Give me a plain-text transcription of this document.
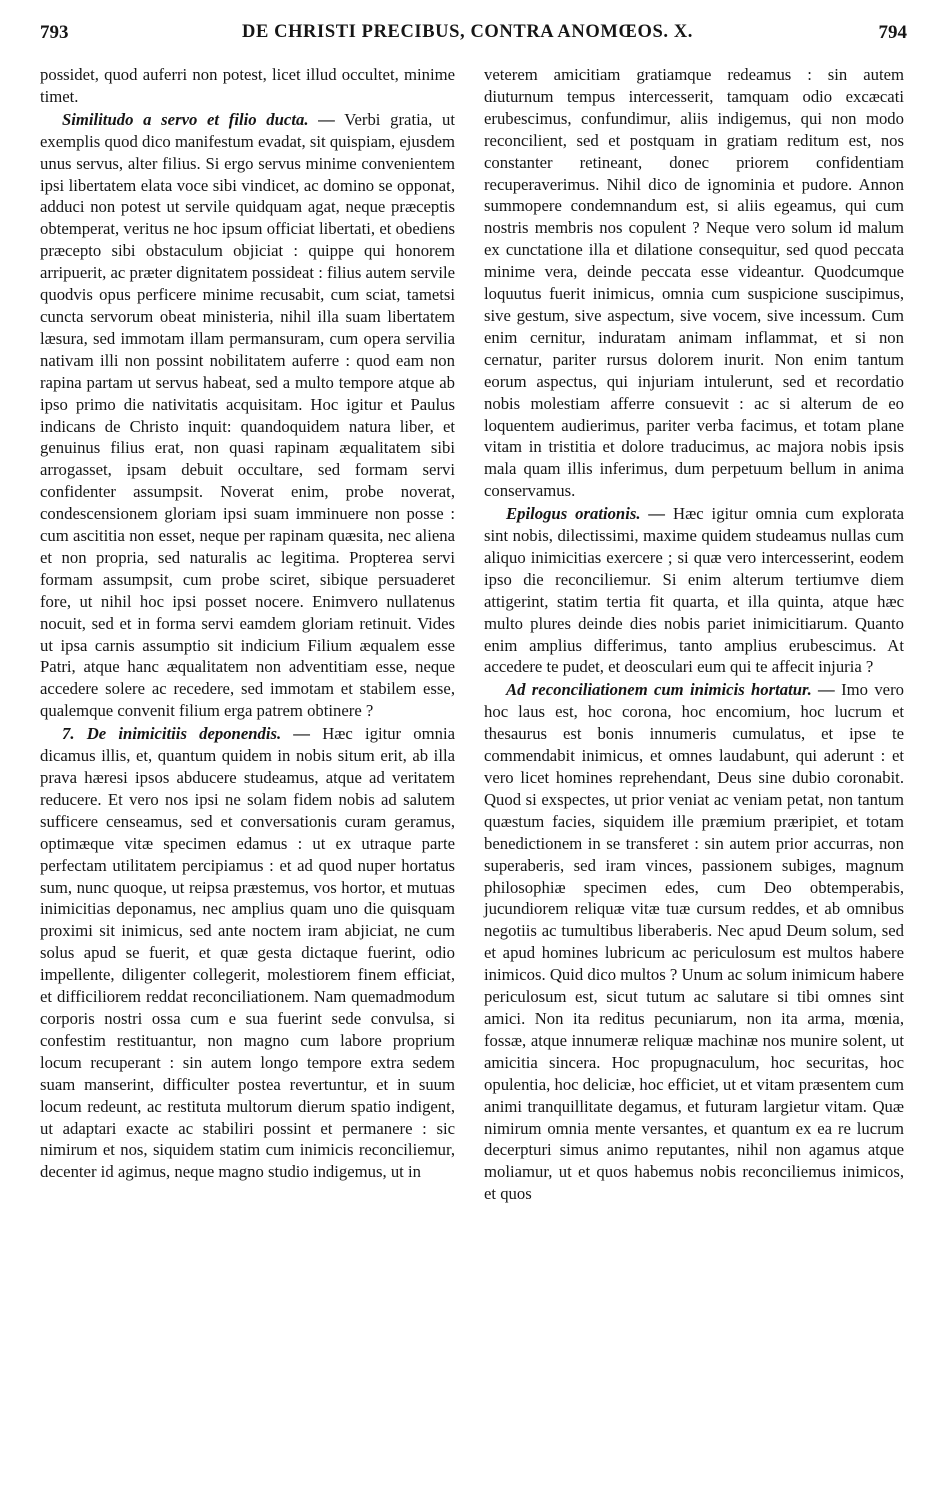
793	DE CHRISTI PRECIBUS, CONTRA ANOMŒOS. X.	794

possidet, quod auferri non potest, licet illud occultet, minime timet.

Similitudo a servo et filio ducta. — Verbi gratia, ut exemplis quod dico manifestum evadat, sit quispiam, ejusdem unus servus, alter filius. Si ergo servus minime convenientem ipsi libertatem elata voce sibi vindicet, ac domino se opponat, adduci non potest ut servile quidquam agat, neque præceptis obtemperat, veritus ne hoc ipsum officiat libertati, et obediens præcepto sibi obstaculum objiciat : quippe qui honorem arripuerit, ac præter dignitatem possideat : filius autem servile quodvis opus perficere minime recusabit, cum sciat, tametsi cuncta servorum obeat ministeria, nihil illa suam libertatem læsura, sed immotam illam permansuram, cum opera servilia nativam illi non possint nobilitatem auferre : quod eam non rapina partam ut servus habeat, sed a multo tempore atque ab ipso primo die nativitatis acquisitam. Hoc igitur et Paulus indicans de Christo inquit: quandoquidem natura liber, et genuinus filius erat, non quasi rapinam æqualitatem sibi arrogasset, ipsam debuit occultare, sed formam servi confidenter assumpsit. Noverat enim, probe noverat, condescensionem gloriam ipsi suam imminuere non posse : cum ascititia non esset, neque per rapinam quæsita, nec aliena et non propria, sed naturalis ac legitima. Propterea servi formam assumpsit, cum probe sciret, sibique persuaderet fore, ut nihil hoc ipsi posset nocere. Enimvero nullatenus nocuit, sed et in forma servi eamdem gloriam retinuit. Vides ut ipsa carnis assumptio sit indicium Filium æqualem esse Patri, atque hanc æqualitatem non adventitiam esse, neque accedere solere ac recedere, sed immotam et stabilem esse, qualemque convenit filium erga patrem obtinere ?

7. De inimicitiis deponendis. — Hæc igitur omnia dicamus illis, et, quantum quidem in nobis situm erit, ab illa prava hæresi ipsos abducere studeamus, atque ad veritatem reducere. Et vero nos ipsi ne solam fidem nobis ad salutem sufficere censeamus, sed et conversationis curam geramus, optimæque vitæ specimen edamus : ut ex utraque parte perfectam utilitatem percipiamus : et ad quod nuper hortatus sum, nunc quoque, ut reipsa præstemus, vos hortor, et mutuas inimicitias deponamus, nec amplius quam uno die quisquam proximi sit inimicus, sed ante noctem iram abjiciat, ne cum solus apud se fuerit, et quæ gesta dictaque fuerint, odio impellente, diligenter collegerit, molestiorem finem efficiat, et difficiliorem reddat reconciliationem. Nam quemadmodum corporis nostri ossa cum e sua fuerint sede convulsa, si confestim restituantur, non magno cum labore proprium locum recuperant : sin autem longo tempore extra sedem suam manserint, difficulter postea revertuntur, et in suum locum redeunt, ac restituta multorum dierum spatio indigent, ut adaptari exacte ac stabiliri possint et permanere : sic nimirum et nos, siquidem statim cum inimicis reconciliemur, decenter id agimus, neque magno studio indigemus, ut in

veterem amicitiam gratiamque redeamus : sin autem diuturnum tempus intercesserit, tamquam odio excæcati erubescimus, confundimur, aliis indigemus, qui non modo reconcilient, sed et postquam in gratiam reditum est, nos constanter retineant, donec priorem confidentiam recuperaverimus. Nihil dico de ignominia et pudore. Annon summopere condemnandum est, si aliis egeamus, qui cum nostris membris nos copulent ? Neque vero solum id malum ex cunctatione illa et dilatione consequitur, sed quod peccata minime vera, deinde peccata esse videantur. Quodcumque loquutus fuerit inimicus, omnia cum suspicione suscipimus, sive gestum, sive aspectum, sive vocem, sive incessum. Cum enim cernitur, induratam animam inflammat, et si non cernatur, pariter rursus dolorem inurit. Non enim tantum eorum aspectus, qui injuriam intulerunt, sed et recordatio nobis molestiam afferre consuevit : ac si alterum de eo loquentem audierimus, pariter verba facimus, et totam plane vitam in tristitia et dolore traducimus, ac majora nobis ipsis mala quam illis inferimus, dum perpetuum bellum in anima conservamus.

Epilogus orationis. — Hæc igitur omnia cum explorata sint nobis, dilectissimi, maxime quidem studeamus nullas cum aliquo inimicitias exercere ; si quæ vero intercesserint, eodem ipso die reconciliemur. Si enim alterum tertiumve diem attigerint, statim tertia fit quarta, et illa quinta, atque hæc multo plures deinde dies nobis pariet inimicitiarum. Quanto enim amplius differimus, tanto amplius erubescimus. At accedere te pudet, et deosculari eum qui te affecit injuria ?

Ad reconciliationem cum inimicis hortatur. — Imo vero hoc laus est, hoc corona, hoc encomium, hoc lucrum et thesaurus est bonis innumeris cumulatus, et ipse te commendabit inimicus, et omnes laudabunt, qui aderunt : et vero licet homines reprehendant, Deus sine dubio coronabit. Quod si exspectes, ut prior veniat ac veniam petat, non tantum quæstum facies, siquidem ille præmium præripiet, et totam benedictionem in se transferet : sin autem prior accurras, non superaberis, sed iram vinces, passionem subiges, magnum philosophiæ specimen edes, cum Deo obtemperabis, jucundiorem reliquæ vitæ tuæ cursum reddes, et ab omnibus negotiis ac tumultibus liberaberis. Nec apud Deum solum, sed et apud homines lubricum ac periculosum est multos habere inimicos. Quid dico multos ? Unum ac solum inimicum habere periculosum est, sicut tutum ac salutare si tibi omnes sint amici. Non ita reditus pecuniarum, non ita arma, mœnia, fossæ, atque innumeræ reliquæ machinæ nos munire solent, ut amicitia sincera. Hoc propugnaculum, hoc securitas, hoc opulentia, hoc deliciæ, hoc efficiet, ut et vitam præsentem cum animi tranquillitate degamus, et futuram largietur vitam. Quæ nimirum omnia mente versantes, et quantum ex ea re lucrum decerpturi simus animo reputantes, nihil non agamus atque moliamur, ut et quos habemus nobis reconciliemus inimicos, et quos
